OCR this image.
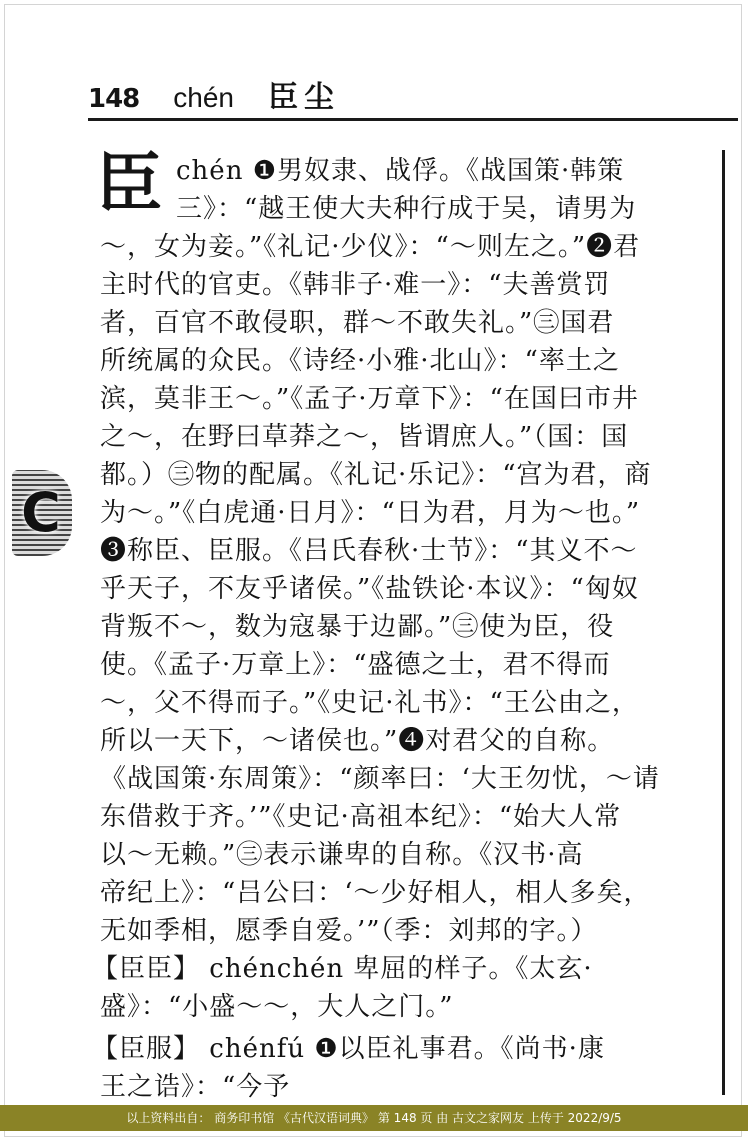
148 chén 臣尘
C
臣 chén ❶男奴隶、战俘。《战国策·韩策
三》：“越王使大夫种行成于吴，请男为
～，女为妾。”《礼记·少仪》：“～则左之。”❷君
主时代的官吏。《韩非子·难一》：“夫善赏罚
者，百官不敢侵职，群～不敢失礼。”㊂国君
所统属的众民。《诗经·小雅·北山》：“率土之
滨，莫非王～。”《孟子·万章下》：“在国曰市井
之～，在野曰草莽之～，皆谓庶人。”（国：国
都。）㊂物的配属。《礼记·乐记》：“宫为君，商
为～。”《白虎通·日月》：“日为君，月为～也。”
❸称臣、臣服。《吕氏春秋·士节》：“其义不～
乎天子，不友乎诸侯。”《盐铁论·本议》：“匈奴
背叛不～，数为寇暴于边鄙。”㊂使为臣，役
使。《孟子·万章上》：“盛德之士，君不得而
～，父不得而子。”《史记·礼书》：“王公由之，
所以一天下，～诸侯也。”❹对君父的自称。
《战国策·东周策》：“颜率曰：‘大王勿忧，～请
东借救于齐。’”《史记·高祖本纪》：“始大人常
以～无赖。”㊂表示谦卑的自称。《汉书·高
帝纪上》：“吕公曰：‘～少好相人，相人多矣，
无如季相，愿季自爱。’”（季：刘邦的字。）
【臣臣】 chénchén 卑屈的样子。《太玄·
盛》：“小盛～～，大人之门。”
【臣服】 chénfú ❶以臣礼事君。《尚书·康
王之诰》：“今予
以上资料出自： 商务印书馆 《古代汉语词典》 第 148 页 由 古文之家网友 上传于 2022/9/5
